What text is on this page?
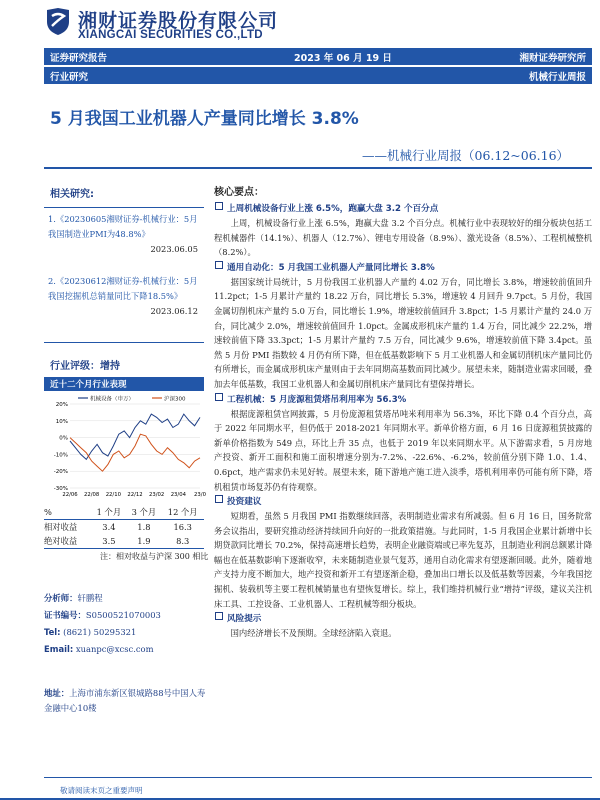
湘财证券股份有限公司
XIANGCAI SECURITIES CO.,LTD
证券研究报告	2023 年 06 月 19 日	湘财证券研究所
行业研究	机械行业周报
5 月我国工业机器人产量同比增长 3.8%
——机械行业周报（06.12~06.16）
相关研究:
1.《20230605湘财证券-机械行业：5月我国制造业PMI为48.8%》
2023.06.05
2.《20230612湘财证券-机械行业：5月我国挖掘机总销量同比下降18.5%》
2023.06.12
行业评级：增持
近十二个月行业表现
20%
10%
0%
-10%
-20%
-30%
22/06 22/08 22/10 22/12 23/02 23/04 23/0
机械设备（申万）	沪深300
%	1 个月	3 个月	12 个月
相对收益	3.4	1.8	16.3
绝对收益	3.5	1.9	8.3
注：相对收益与沪深 300 相比
分析师：轩鹏程
证书编号：S0500521070003
Tel: (8621) 50295321
Email: xuanpc@xcsc.com
地址：上海市浦东新区银城路88号中国人寿金融中心10楼
核心要点：
上周机械设备行业上涨 6.5%，跑赢大盘 3.2 个百分点

上周，机械设备行业上涨 6.5%，跑赢大盘 3.2 个百分点。机械行业中表现较好的细分板块包括工程机械器件（14.1%）、机器人（12.7%）、锂电专用设备（8.9%）、激光设备（8.5%）、工程机械整机（8.2%）。

通用自动化：5 月我国工业机器人产量同比增长 3.8%

据国家统计局统计，5 月份我国工业机器人产量约 4.02 万台，同比增长 3.8%，增速较前值回升 11.2pct；1-5 月累计产量约 18.22 万台，同比增长 5.3%，增速较 4 月回升 9.7pct。5 月份，我国金属切削机床产量约 5.0 万台，同比增长 1.9%，增速较前值回升 3.8pct；1-5 月累计产量约 24.0 万台，同比减少 2.0%，增速较前值回升 1.0pct。金属成形机床产量约 1.4 万台，同比减少 22.2%，增速较前值下降 33.3pct；1-5 月累计产量约 7.5 万台，同比减少 9.6%，增速较前值下降 3.4pct。虽然 5 月份 PMI 指数较 4 月仍有所下降，但在低基数影响下 5 月工业机器人和金属切削机床产量同比仍有所增长，而金属成形机床产量则由于去年同期高基数而同比减少。展望未来，随制造业需求回暖，叠加去年低基数，我国工业机器人和金属切削机床产量同比有望保持增长。

工程机械：5 月庞源租赁塔吊利用率为 56.3%

根据庞源租赁官网披露，5 月份庞源租赁塔吊吨米利用率为 56.3%，环比下降 0.4 个百分点，高于 2022 年同期水平，但仍低于 2018-2021 年同期水平。新单价格方面，6 月 16 日庞源租赁披露的新单价格指数为 549 点，环比上升 35 点，也低于 2019 年以来同期水平。从下游需求看，5 月房地产投资、新开工面积和施工面积增速分别为-7.2%、-22.6%、-6.2%，较前值分别下降 1.0、1.4、0.6pct，地产需求仍未见好转。展望未来，随下游地产施工进入淡季，塔机利用率仍可能有所下降，塔机租赁市场复苏仍有待观察。

投资建议

短期看，虽然 5 月我国 PMI 指数继续回落，表明制造业需求有所减弱。但 6 月 16 日，国务院常务会议指出，要研究推动经济持续回升向好的一批政策措施。与此同时，1-5 月我国企业累计新增中长期贷款同比增长 70.2%，保持高速增长趋势，表明企业融资端或已率先复苏，且制造业利润总额累计降幅也在低基数影响下逐渐收窄，未来随制造业景气复苏，通用自动化需求有望逐渐回暖。此外，随着地产支持力度不断加大，地产投资和新开工有望逐渐企稳，叠加出口增长以及低基数等因素，今年我国挖掘机、装载机等主要工程机械销量也有望恢复增长。综上，我们维持机械行业“增持”评级，建议关注机床工具、工控设备、工业机器人、工程机械等细分板块。

风险提示

国内经济增长不及预期。全球经济陷入衰退。

敬请阅读末页之重要声明
